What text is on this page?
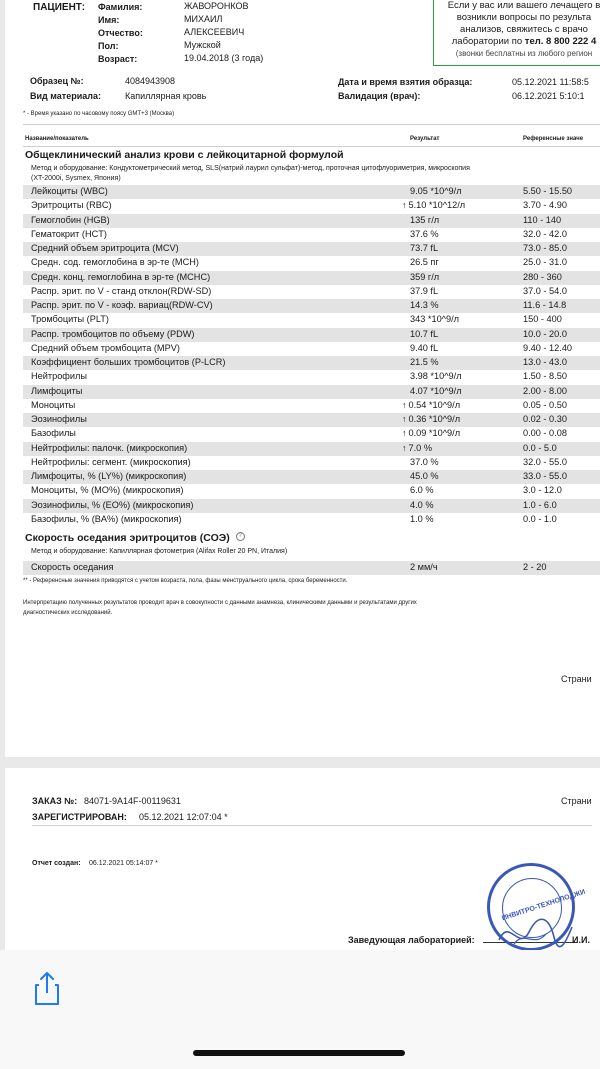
ПАЦИЕНТ: Фамилия:	ЖАВОРОНКОВ
Имя:	МИХАИЛ
Отчество:	АЛЕКСЕЕВИЧ
Пол:	Мужской
Возраст:	19.04.2018 (3 года)
Если у вас или вашего лечащего в
возникли вопросы по результа
анализов, свяжитесь с врачо
лаборатории по тел. 8 800 222 4
(звонки бесплатны из любого регион
Образец №:	4084943908
Вид материала:	Капиллярная кровь
Дата и время взятия образца:	05.12.2021 11:58:5
Валидация (врач):	06.12.2021 5:10:1
* - Время указано по часовому поясу GMT+3 (Москва)
Название/показатель	Результат	Референсные значе
Общеклинический анализ крови с лейкоцитарной формулой
Метод и оборудование: Кондуктометрический метод, SLS(натрий лаурил сульфат)-метод, проточная цитофлуориметрия, микроскопия
(XT-2000i, Sysmex, Япония)
Лейкоциты (WBC)	9.05 *10^9/л	5.50 - 15.50
Эритроциты (RBC)	↑ 5.10 *10^12/л	3.70 - 4.90
Гемоглобин (HGB)	135 г/л	110 - 140
Гематокрит (HCT)	37.6 %	32.0 - 42.0
Средний объем эритроцита (MCV)	73.7 fL	73.0 - 85.0
Средн. сод. гемоглобина в эр-те (MCH)	26.5 пг	25.0 - 31.0
Средн. конц. гемоглобина в эр-те (MCHC)	359 г/л	280 - 360
Распр. эрит. по V - станд отклон(RDW-SD)	37.9 fL	37.0 - 54.0
Распр. эрит. по V - коэф. вариац(RDW-CV)	14.3 %	11.6 - 14.8
Тромбоциты (PLT)	343 *10^9/л	150 - 400
Распр. тромбоцитов по объему (PDW)	10.7 fL	10.0 - 20.0
Средний объем тромбоцита (MPV)	9.40 fL	9.40 - 12.40
Коэффициент больших тромбоцитов (P-LCR)	21.5 %	13.0 - 43.0
Нейтрофилы	3.98 *10^9/л	1.50 - 8.50
Лимфоциты	4.07 *10^9/л	2.00 - 8.00
Моноциты	↑ 0.54 *10^9/л	0.05 - 0.50
Эозинофилы	↑ 0.36 *10^9/л	0.02 - 0.30
Базофилы	↑ 0.09 *10^9/л	0.00 - 0.08
Нейтрофилы: палочк. (микроскопия)	↑ 7.0 %	0.0 - 5.0
Нейтрофилы: сегмент. (микроскопия)	37.0 %	32.0 - 55.0
Лимфоциты, % (LY%) (микроскопия)	45.0 %	33.0 - 55.0
Моноциты, % (MO%) (микроскопия)	6.0 %	3.0 - 12.0
Эозинофилы, % (EO%) (микроскопия)	4.0 %	1.0 - 6.0
Базофилы, % (BA%) (микроскопия)	1.0 %	0.0 - 1.0
Скорость оседания эритроцитов (СОЭ) ?
Метод и оборудование: Капиллярная фотометрия (Alifax Roller 20 PN, Италия)
Скорость оседания	2 мм/ч	2 - 20
** - Референсные значения приводятся с учетом возраста, пола, фазы менструального цикла, срока беременности.
Интерпретацию полученных результатов проводит врач в совокупности с данными анамнеза, клиническими данными и результатами других
диагностических исследований.
Страни
ЗАКАЗ №: 84071-9A14F-00119631	Страни
ЗАРЕГИСТРИРОВАН: 05.12.2021 12:07:04 *
Отчет создан: 06.12.2021 05:14:07 *
Заведующая лабораторией:	И.И.
ИНВИТРО-ТЕХНОЛОДЖИ
